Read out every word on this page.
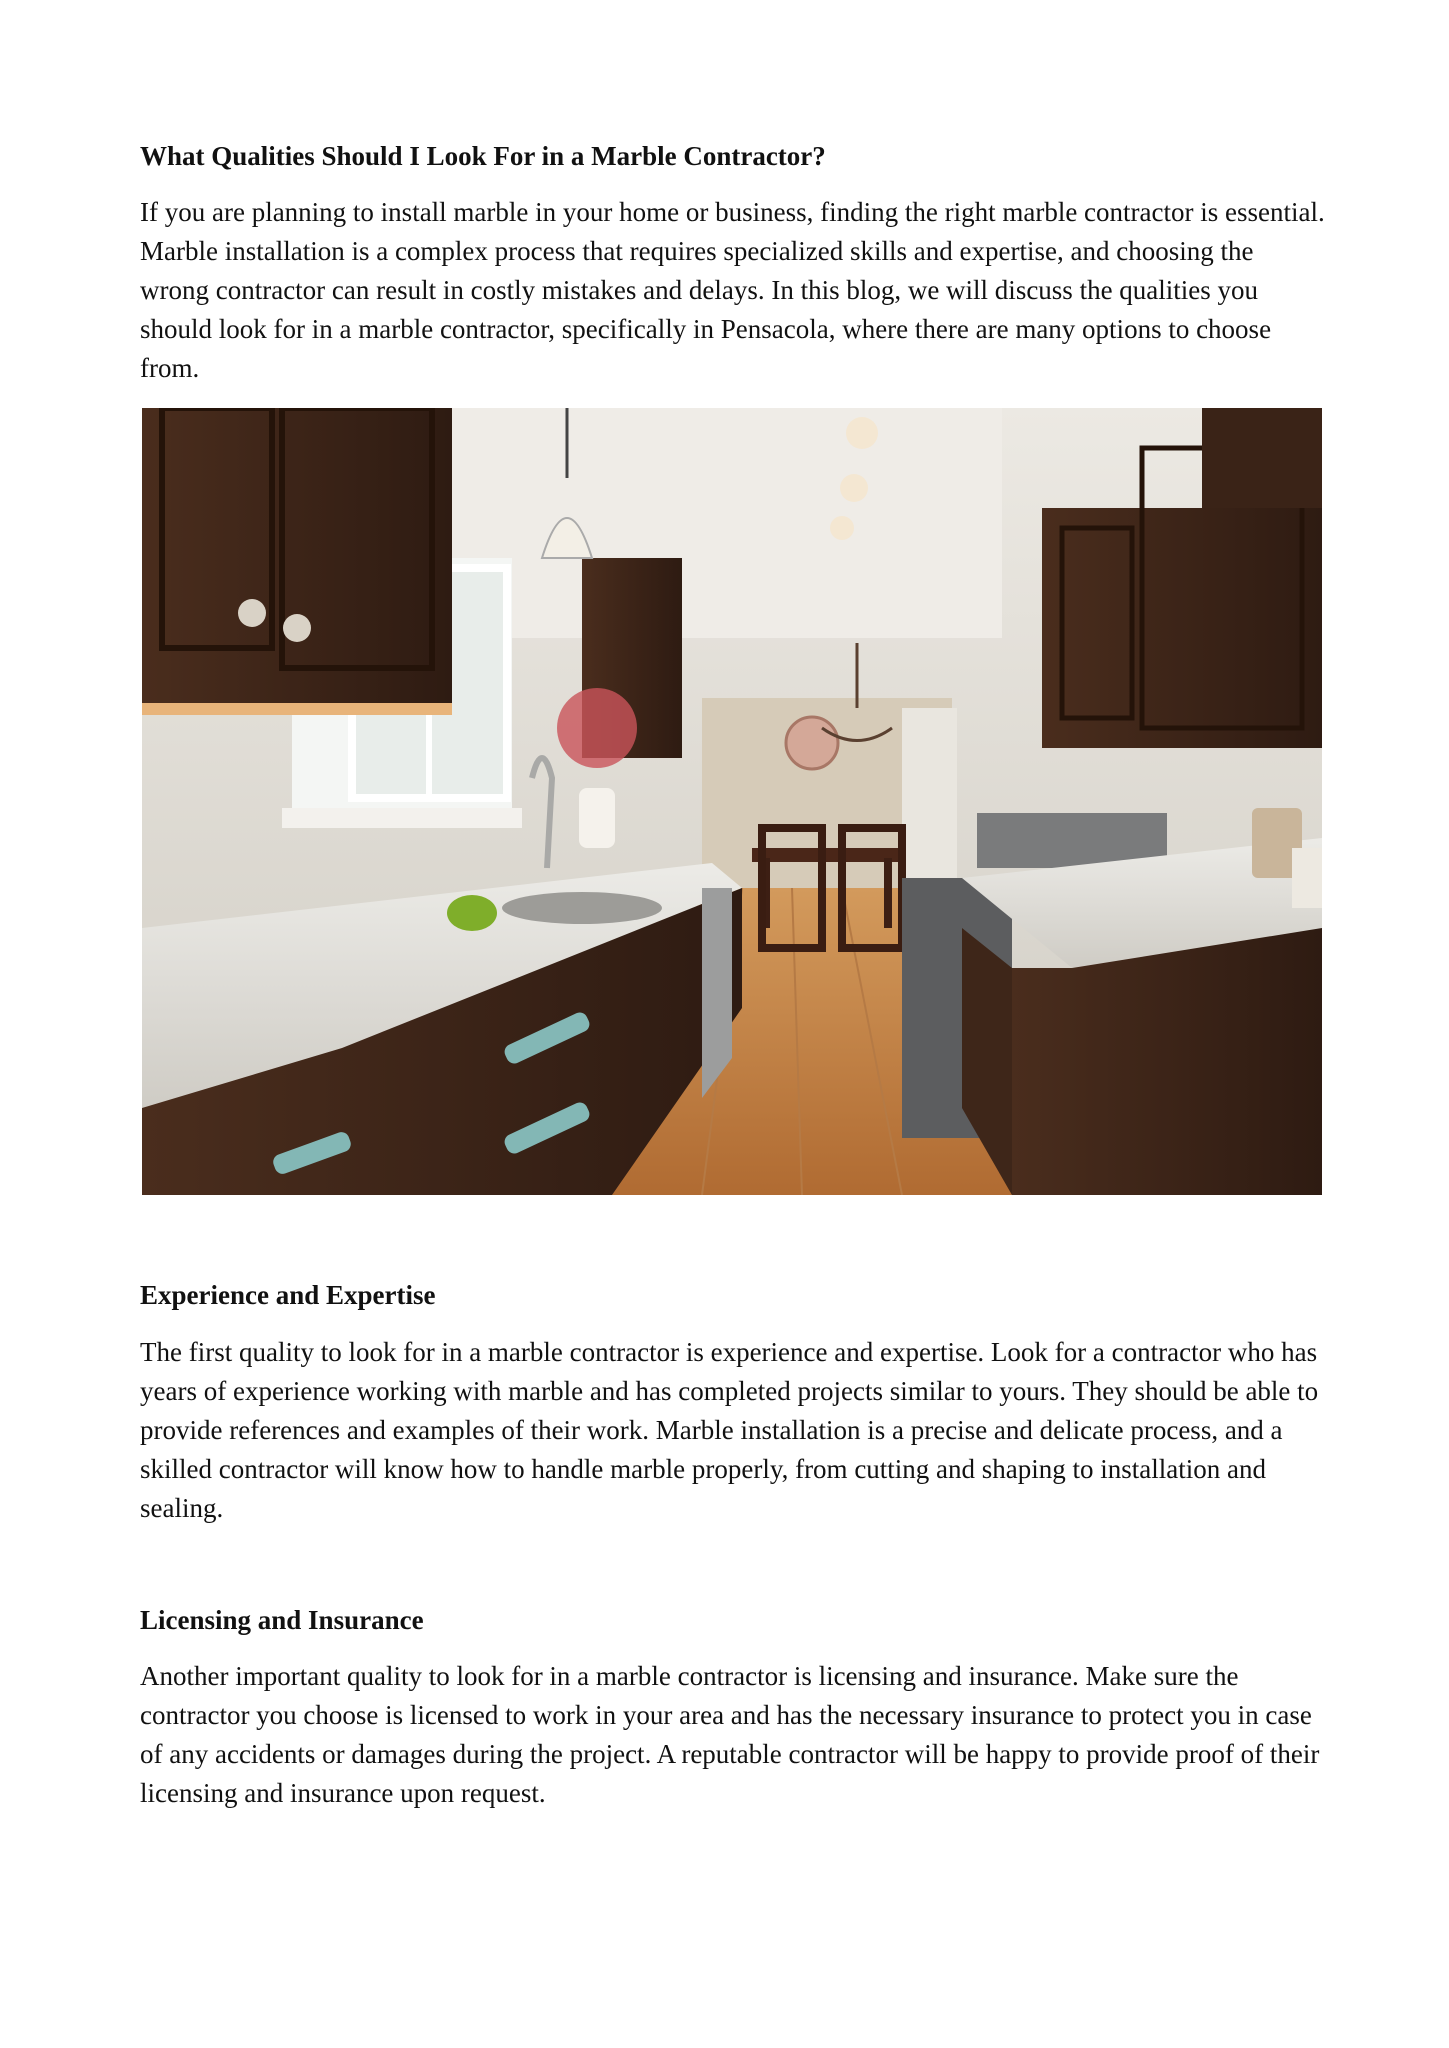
What Qualities Should I Look For in a Marble Contractor?

If you are planning to install marble in your home or business, finding the right marble contractor is essential. Marble installation is a complex process that requires specialized skills and expertise, and choosing the wrong contractor can result in costly mistakes and delays. In this blog, we will discuss the qualities you should look for in a marble contractor, specifically in Pensacola, where there are many options to choose from.

Experience and Expertise

The first quality to look for in a marble contractor is experience and expertise. Look for a contractor who has years of experience working with marble and has completed projects similar to yours. They should be able to provide references and examples of their work. Marble installation is a precise and delicate process, and a skilled contractor will know how to handle marble properly, from cutting and shaping to installation and sealing.

Licensing and Insurance

Another important quality to look for in a marble contractor is licensing and insurance. Make sure the contractor you choose is licensed to work in your area and has the necessary insurance to protect you in case of any accidents or damages during the project. A reputable contractor will be happy to provide proof of their licensing and insurance upon request.
